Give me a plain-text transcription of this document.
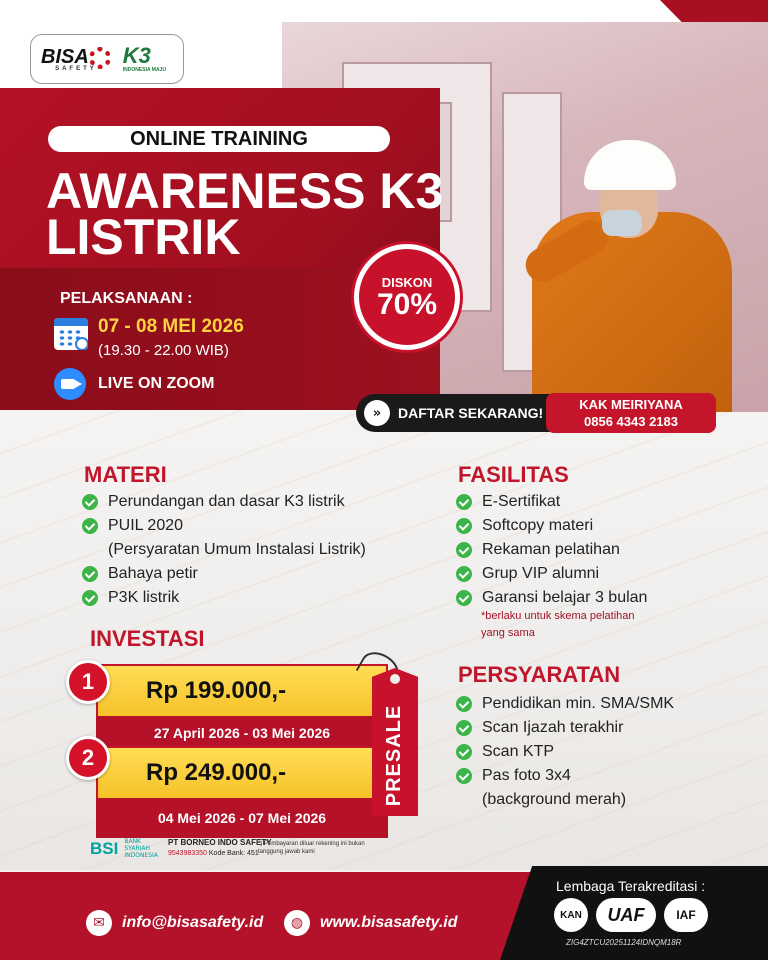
BISA
SAFETY
K3
INDONESIA MAJU
ONLINE TRAINING
AWARENESS K3
LISTRIK
PELAKSANAAN :
07 - 08 MEI 2026
(19.30 - 22.00 WIB)
LIVE ON ZOOM
DISKON
70%
»	DAFTAR SEKARANG!
KAK MEIRIYANA
0856 4343 2183
MATERI
Perundangan dan dasar K3 listrik
PUIL 2020
(Persyaratan Umum Instalasi Listrik)
Bahaya petir
P3K listrik
FASILITAS
E-Sertifikat
Softcopy materi
Rekaman pelatihan
Grup VIP alumni
Garansi belajar 3 bulan
*berlaku untuk skema pelatihan
yang sama
PERSYARATAN
Pendidikan min. SMA/SMK
Scan Ijazah terakhir
Scan KTP
Pas foto 3x4
(background merah)
INVESTASI
Rp 199.000,-
27 April 2026 - 03 Mei 2026
1
Rp 249.000,-
04 Mei 2026 - 07 Mei 2026
2	PRESALE
BSI BANK SYARIAH INDONESIA
PT BORNEO INDO SAFETY
9543983350 Kode Bank: 451
*) Pembayaran diluar rekening ini bukan tanggung jawab kami
✉	info@bisasafety.id	◍	www.bisasafety.id
Lembaga Terakreditasi :
KAN	UAF	IAF
ZIG4ZTCU20251124IDNQM18R
